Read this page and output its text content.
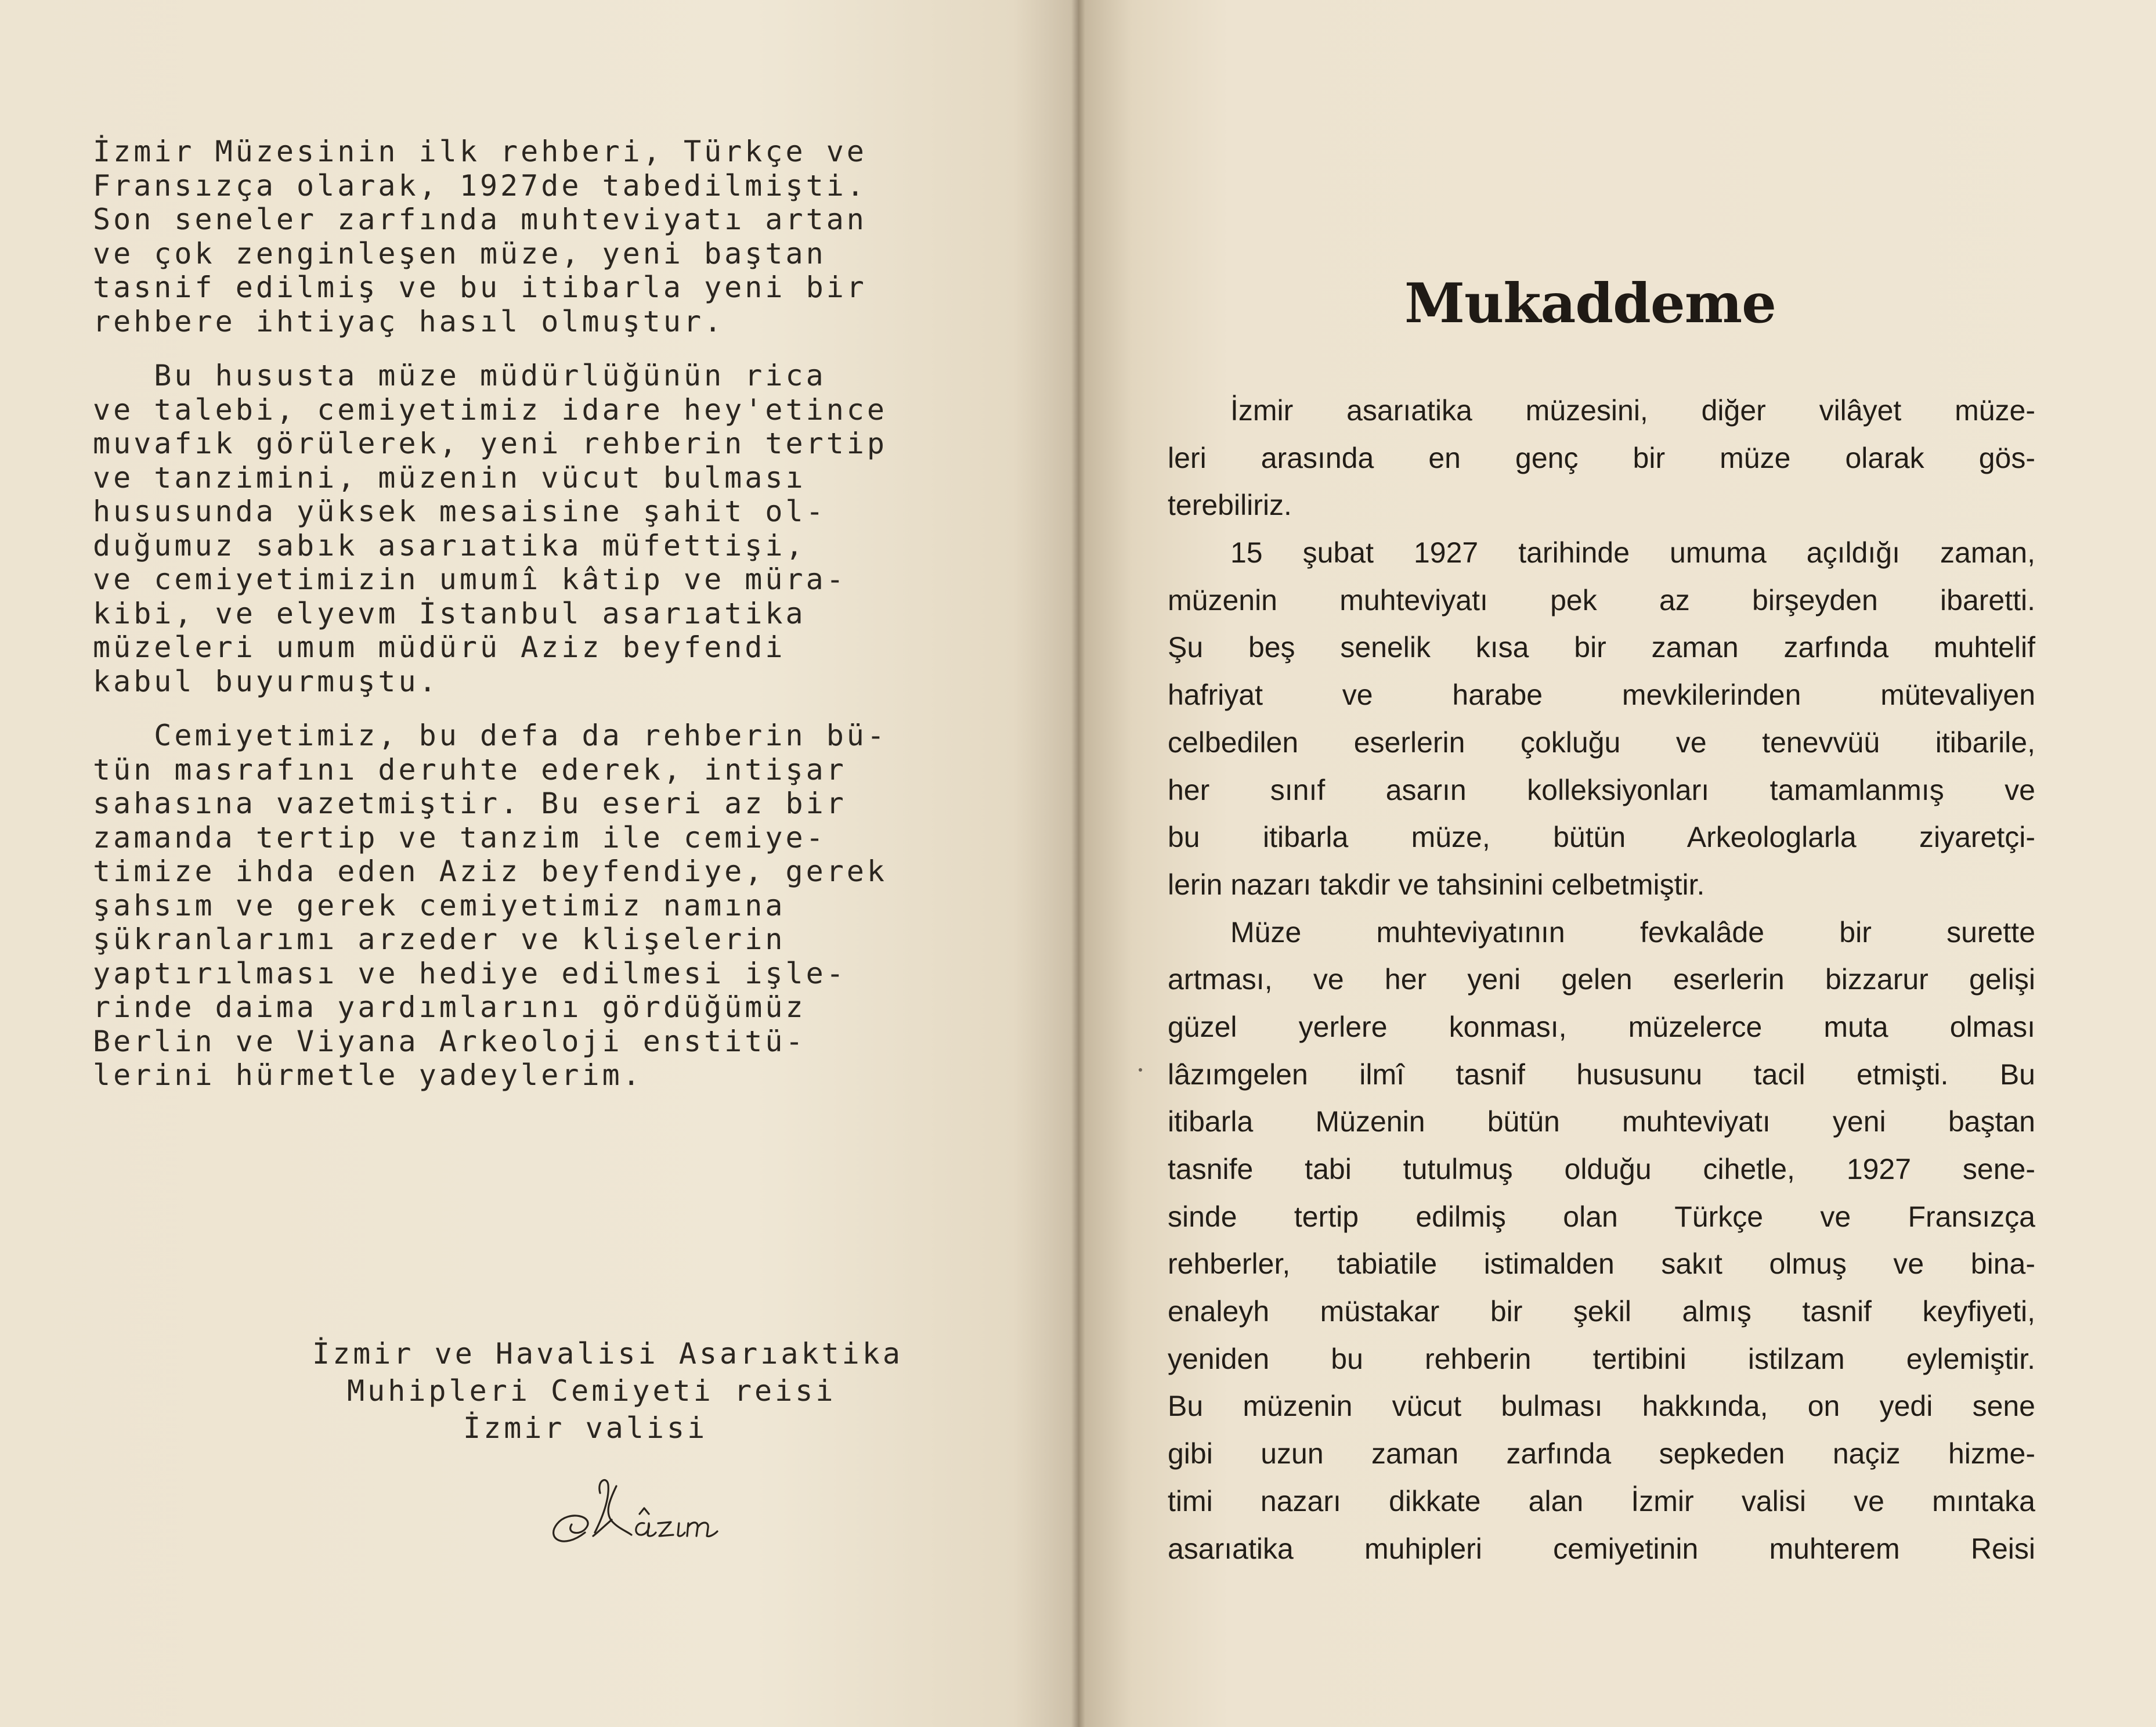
İzmir Müzesinin ilk rehberi, Türkçe ve
Fransızça olarak, 1927de tabedilmişti.
Son seneler zarfında muhteviyatı artan
ve çok zenginleşen müze, yeni baştan
tasnif edilmiş ve bu itibarla yeni bir
rehbere ihtiyaç hasıl olmuştur.
Bu hususta müze müdürlüğünün rica
ve talebi, cemiyetimiz idare hey'etince
muvafık görülerek, yeni rehberin tertip
ve tanzimini, müzenin vücut bulması
hususunda yüksek mesaisine şahit ol-
duğumuz sabık asarıatika müfettişi,
ve cemiyetimizin umumî kâtip ve müra-
kibi, ve elyevm İstanbul asarıatika
müzeleri umum müdürü Aziz beyfendi
kabul buyurmuştu.
Cemiyetimiz, bu defa da rehberin bü-
tün masrafını deruhte ederek, intişar
sahasına vazetmiştir. Bu eseri az bir
zamanda tertip ve tanzim ile cemiye-
timize ihda eden Aziz beyfendiye, gerek
şahsım ve gerek cemiyetimiz namına
şükranlarımı arzeder ve klişelerin
yaptırılması ve hediye edilmesi işle-
rinde daima yardımlarını gördüğümüz
Berlin ve Viyana Arkeoloji enstitü-
lerini hürmetle yadeylerim.
İzmir ve Havalisi Asarıaktika
Muhipleri Cemiyeti reisi
İzmir valisi
Mukaddeme
İzmir asarıatika müzesini, diğer vilâyet müze-
leri arasında en genç bir müze olarak gös-
terebiliriz.
15 şubat 1927 tarihinde umuma açıldığı zaman,
müzenin muhteviyatı pek az birşeyden ibaretti.
Şu beş senelik kısa bir zaman zarfında muhtelif
hafriyat ve harabe mevkilerinden mütevaliyen
celbedilen eserlerin çokluğu ve tenevvüü itibarile,
her sınıf asarın kolleksiyonları tamamlanmış ve
bu itibarla müze, bütün Arkeologlarla ziyaretçi-
lerin nazarı takdir ve tahsinini celbetmiştir.
Müze muhteviyatının fevkalâde bir surette
artması, ve her yeni gelen eserlerin bizzarur gelişi
güzel yerlere konması, müzelerce muta olması
lâzımgelen ilmî tasnif hususunu tacil etmişti. Bu
itibarla Müzenin bütün muhteviyatı yeni baştan
tasnife tabi tutulmuş olduğu cihetle, 1927 sene-
sinde tertip edilmiş olan Türkçe ve Fransızça
rehberler, tabiatile istimalden sakıt olmuş ve bina-
enaleyh müstakar bir şekil almış tasnif keyfiyeti,
yeniden bu rehberin tertibini istilzam eylemiştir.
Bu müzenin vücut bulması hakkında, on yedi sene
gibi uzun zaman zarfında sepkeden naçiz hizme-
timi nazarı dikkate alan İzmir valisi ve mıntaka
asarıatika muhipleri cemiyetinin muhterem Reisi
